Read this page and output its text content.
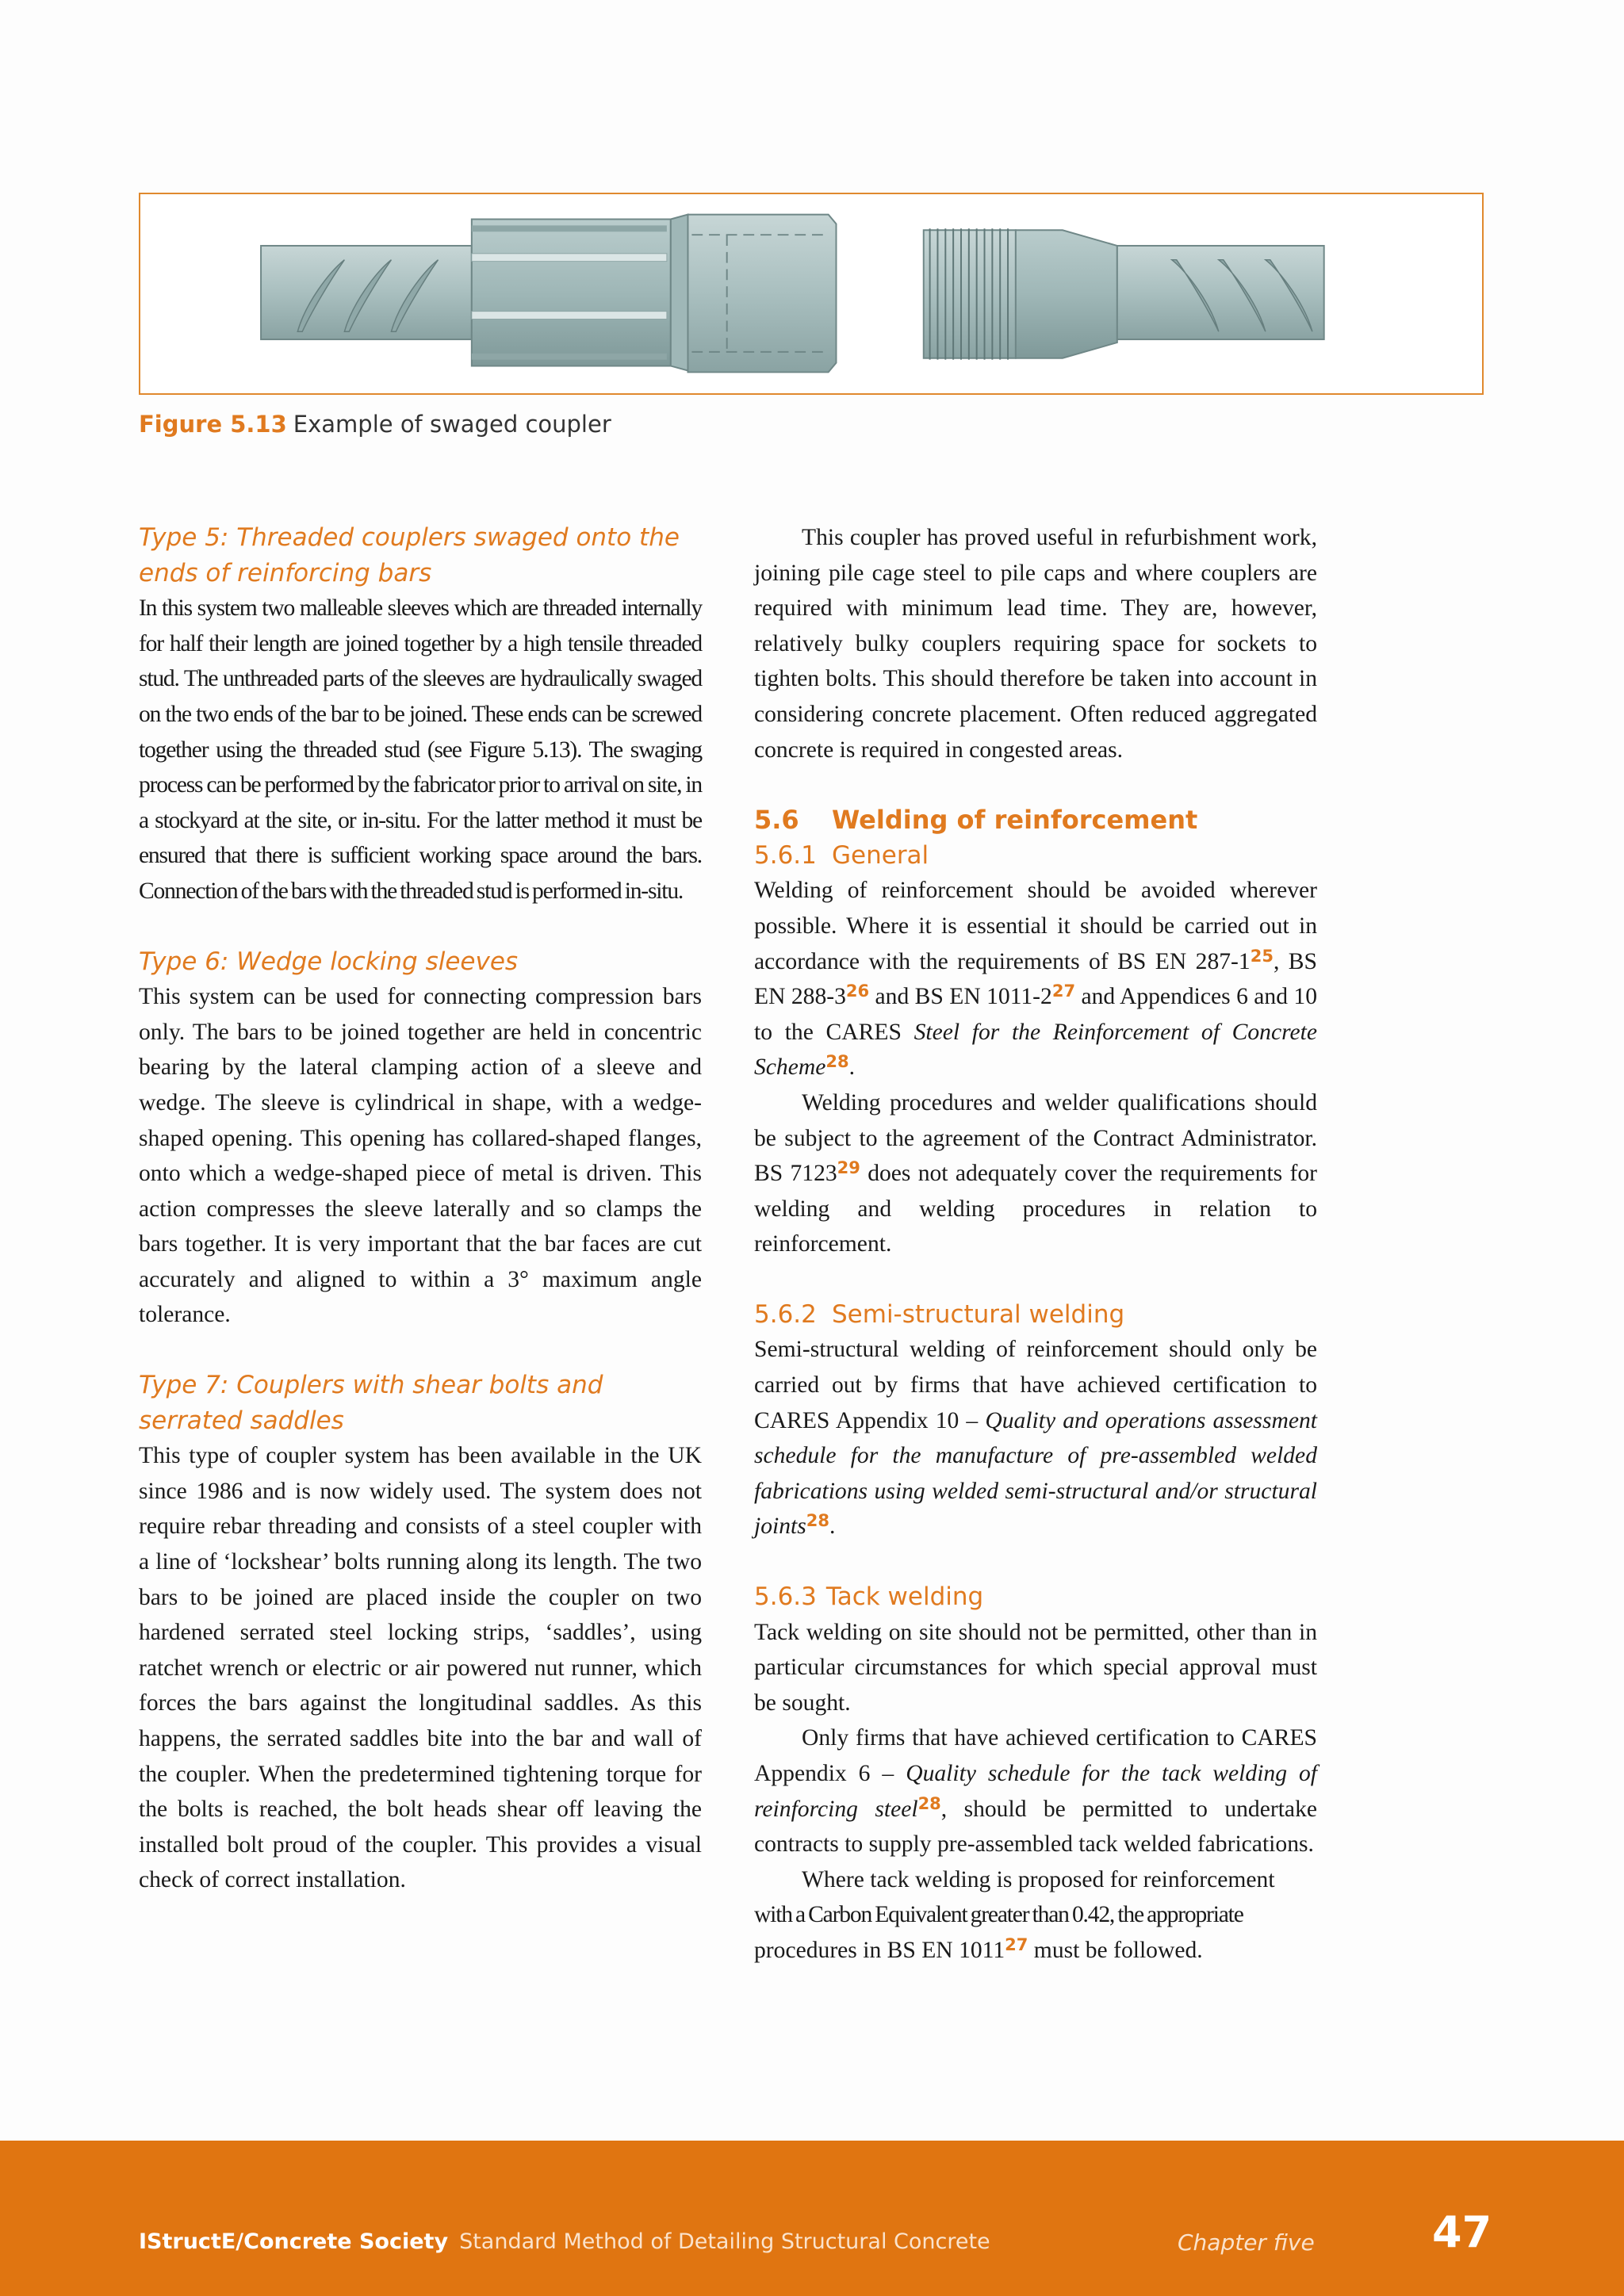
Figure 5.13 Example of swaged coupler
Type 5: Threaded couplers swaged onto the
ends of reinforcing bars

In this system two malleable sleeves which are threaded internally for half their length are joined together by a high tensile threaded stud. The unthreaded parts of the sleeves are hydraulically swaged on the two ends of the bar to be joined. These ends can be screwed together using the threaded stud (see Figure 5.13). The swaging process can be performed by the fabricator prior to arrival on site, in a stockyard at the site, or in-situ. For the latter method it must be ensured that there is sufficient working space around the bars. Connection of the bars with the threaded stud is performed in-situ.

Type 6: Wedge locking sleeves

This system can be used for connecting compression bars only. The bars to be joined together are held in concentric bearing by the lateral clamping action of a sleeve and wedge. The sleeve is cylindrical in shape, with a wedge-shaped opening. This opening has collared-shaped flanges, onto which a wedge-shaped piece of metal is driven. This action compresses the sleeve laterally and so clamps the bars together. It is very important that the bar faces are cut accurately and aligned to within a 3° maximum angle tolerance.

Type 7: Couplers with shear bolts and
serrated saddles

This type of coupler system has been available in the UK since 1986 and is now widely used. The system does not require rebar threading and consists of a steel coupler with a line of ‘lockshear’ bolts running along its length. The two bars to be joined are placed inside the coupler on two hardened serrated steel locking strips, ‘saddles’, using ratchet wrench or electric or air powered nut runner, which forces the bars against the longitudinal saddles. As this happens, the serrated saddles bite into the bar and wall of the coupler. When the predetermined tightening torque for the bolts is reached, the bolt heads shear off leaving the installed bolt proud of the coupler. This provides a visual check of correct installation.

This coupler has proved useful in refurbishment work, joining pile cage steel to pile caps and where couplers are required with minimum lead time. They are, however, relatively bulky couplers requiring space for sockets to tighten bolts. This should therefore be taken into account in considering concrete placement. Often reduced aggregated concrete is required in congested areas.

5.6 Welding of reinforcement
5.6.1 General

Welding of reinforcement should be avoided wherever possible. Where it is essential it should be carried out in accordance with the requirements of BS EN 287-1$^{25}$, BS EN 288-3$^{26}$ and BS EN 1011-2$^{27}$ and Appendices 6 and 10 to the CARES Steel for the Reinforcement of Concrete Scheme$^{28}$.

Welding procedures and welder qualifications should be subject to the agreement of the Contract Administrator. BS 7123$^{29}$ does not adequately cover the requirements for welding and welding procedures in relation to reinforcement.

5.6.2 Semi-structural welding

Semi-structural welding of reinforcement should only be carried out by firms that have achieved certification to CARES Appendix 10 – Quality and operations assessment schedule for the manufacture of pre-assembled welded fabrications using welded semi-structural and/or structural joints$^{28}$.

5.6.3 Tack welding

Tack welding on site should not be permitted, other than in particular circumstances for which special approval must be sought.

Only firms that have achieved certification to CARES Appendix 6 – Quality schedule for the tack welding of reinforcing steel$^{28}$, should be permitted to undertake contracts to supply pre-assembled tack welded fabrications.

Where tack welding is proposed for reinforcement
with a Carbon Equivalent greater than 0.42, the appropriate
procedures in BS EN 1011$^{27}$ must be followed.

IStructE/Concrete Society Standard Method of Detailing Structural Concrete	Chapter five	47
